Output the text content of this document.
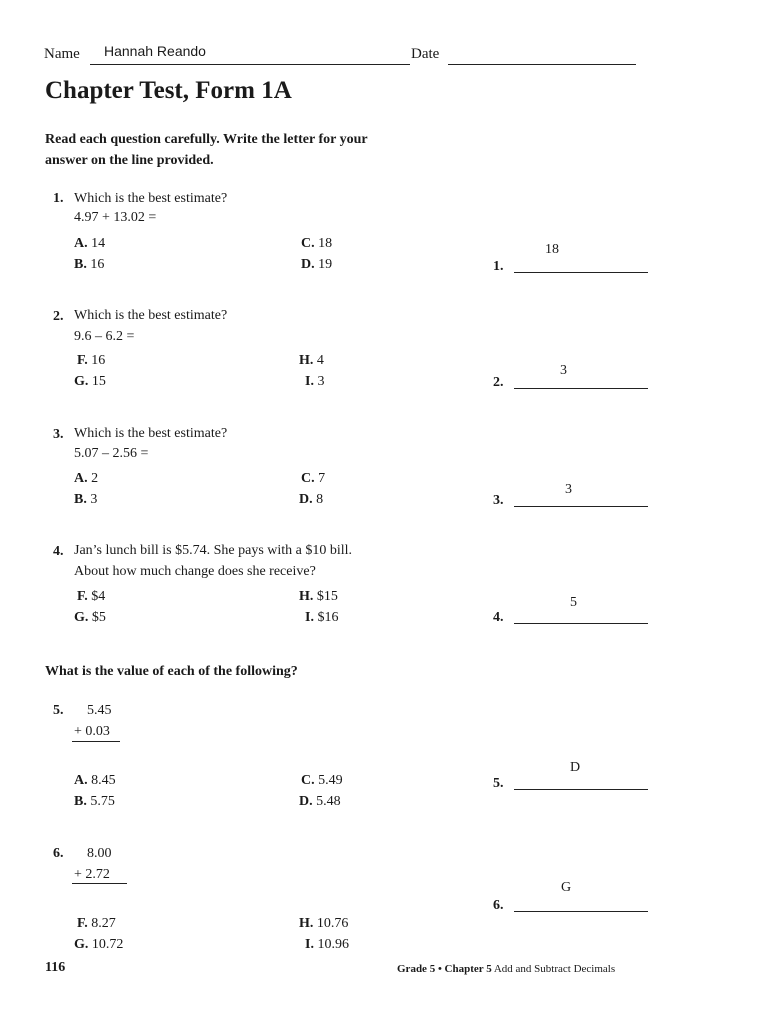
Name Hannah Reando	Date
Chapter Test, Form 1A
Read each question carefully. Write the letter for your
answer on the line provided.
1. Which is the best estimate?
4.97 + 13.02 =
A. 14
B. 16
C. 18
D. 19	1.
18
2. Which is the best estimate?
9.6 – 6.2 =
F. 16
G. 15
H. 4
I. 3	2.
3
3. Which is the best estimate?
5.07 – 2.56 =
A. 2
B. 3
C. 7
D. 8	3.
3
4. Jan’s lunch bill is $5.74. She pays with a $10 bill.
About how much change does she receive?
F. $4
G. $5
H. $15
I. $16	4.
5
What is the value of each of the following?
5. 5.45
+ 0.03
A. 8.45
B. 5.75
C. 5.49
D. 5.48
5.
D
6. 8.00
+ 2.72
F. 8.27
G. 10.72
H. 10.76
I. 10.96
6.
G
116	Grade 5 • Chapter 5 Add and Subtract Decimals
